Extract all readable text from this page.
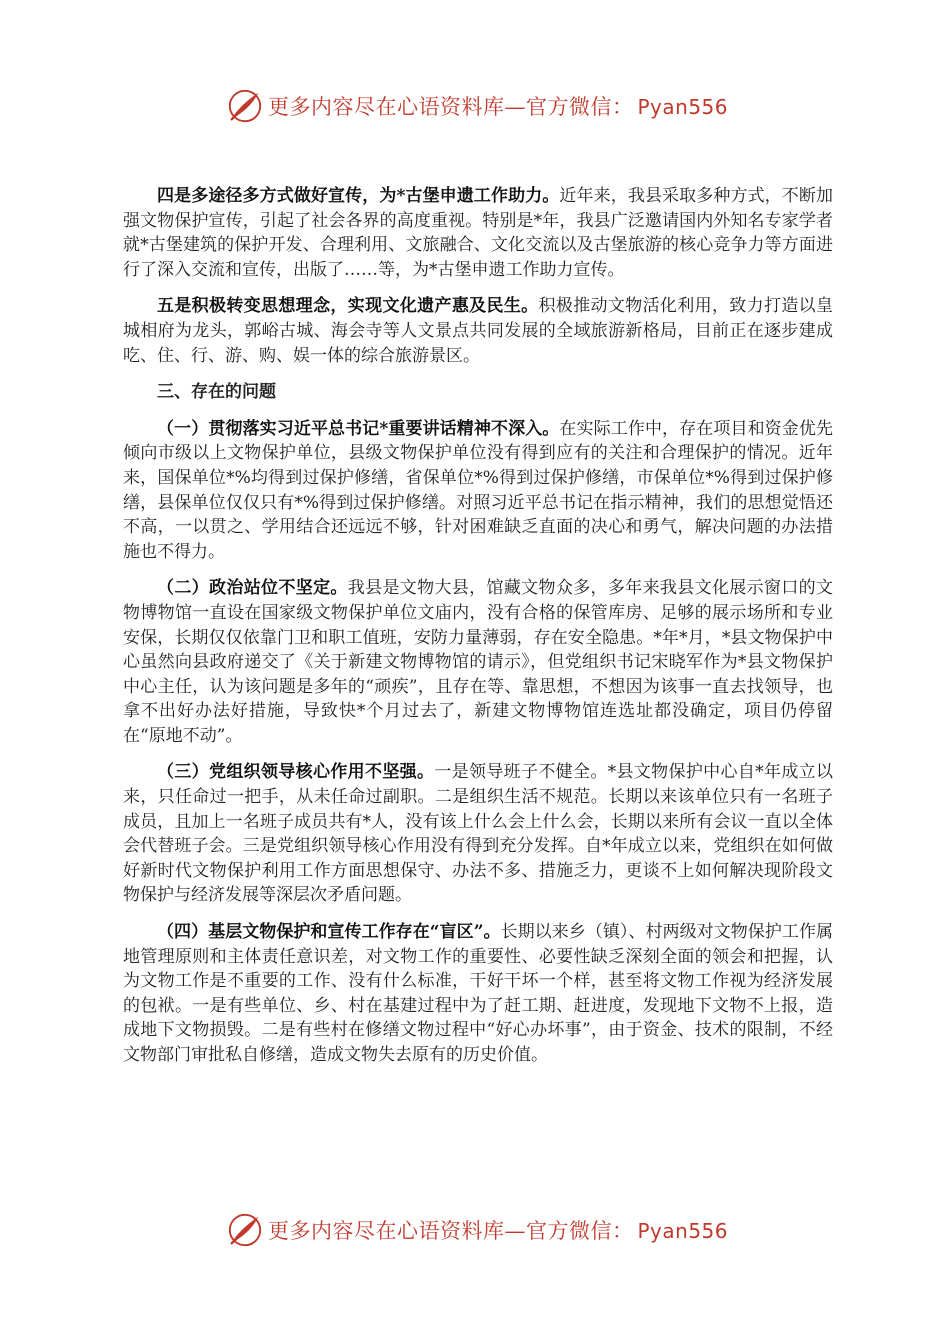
更多内容尽在心语资料库—官方微信： Pyan556

四是多途径多方式做好宣传，为*古堡申遗工作助力。近年来，我县采取多种方式，不断加强文物保护宣传，引起了社会各界的高度重视。特别是*年，我县广泛邀请国内外知名专家学者就*古堡建筑的保护开发、合理利用、文旅融合、文化交流以及古堡旅游的核心竞争力等方面进行了深入交流和宣传，出版了……等，为*古堡申遗工作助力宣传。

五是积极转变思想理念，实现文化遗产惠及民生。积极推动文物活化利用，致力打造以皇城相府为龙头，郭峪古城、海会寺等人文景点共同发展的全域旅游新格局，目前正在逐步建成吃、住、行、游、购、娱一体的综合旅游景区。

三、存在的问题

（一）贯彻落实习近平总书记*重要讲话精神不深入。在实际工作中，存在项目和资金优先倾向市级以上文物保护单位，县级文物保护单位没有得到应有的关注和合理保护的情况。近年来，国保单位*%均得到过保护修缮，省保单位*%得到过保护修缮，市保单位*%得到过保护修缮，县保单位仅仅只有*%得到过保护修缮。对照习近平总书记在指示精神，我们的思想觉悟还不高，一以贯之、学用结合还远远不够，针对困难缺乏直面的决心和勇气，解决问题的办法措施也不得力。

（二）政治站位不坚定。我县是文物大县，馆藏文物众多，多年来我县文化展示窗口的文物博物馆一直设在国家级文物保护单位文庙内，没有合格的保管库房、足够的展示场所和专业安保，长期仅仅依靠门卫和职工值班，安防力量薄弱，存在安全隐患。*年*月，*县文物保护中心虽然向县政府递交了《关于新建文物博物馆的请示》，但党组织书记宋晓军作为*县文物保护中心主任，认为该问题是多年的“顽疾”，且存在等、靠思想，不想因为该事一直去找领导，也拿不出好办法好措施，导致快*个月过去了，新建文物博物馆连选址都没确定，项目仍停留在“原地不动”。

（三）党组织领导核心作用不坚强。一是领导班子不健全。*县文物保护中心自*年成立以来，只任命过一把手，从未任命过副职。二是组织生活不规范。长期以来该单位只有一名班子成员，且加上一名班子成员共有*人，没有该上什么会上什么会，长期以来所有会议一直以全体会代替班子会。三是党组织领导核心作用没有得到充分发挥。自*年成立以来，党组织在如何做好新时代文物保护利用工作方面思想保守、办法不多、措施乏力，更谈不上如何解决现阶段文物保护与经济发展等深层次矛盾问题。

（四）基层文物保护和宣传工作存在“盲区”。长期以来乡（镇）、村两级对文物保护工作属地管理原则和主体责任意识差，对文物工作的重要性、必要性缺乏深刻全面的领会和把握，认为文物工作是不重要的工作、没有什么标准，干好干坏一个样，甚至将文物工作视为经济发展的包袱。一是有些单位、乡、村在基建过程中为了赶工期、赶进度，发现地下文物不上报，造成地下文物损毁。二是有些村在修缮文物过程中“好心办坏事”，由于资金、技术的限制，不经文物部门审批私自修缮，造成文物失去原有的历史价值。

更多内容尽在心语资料库—官方微信： Pyan556
